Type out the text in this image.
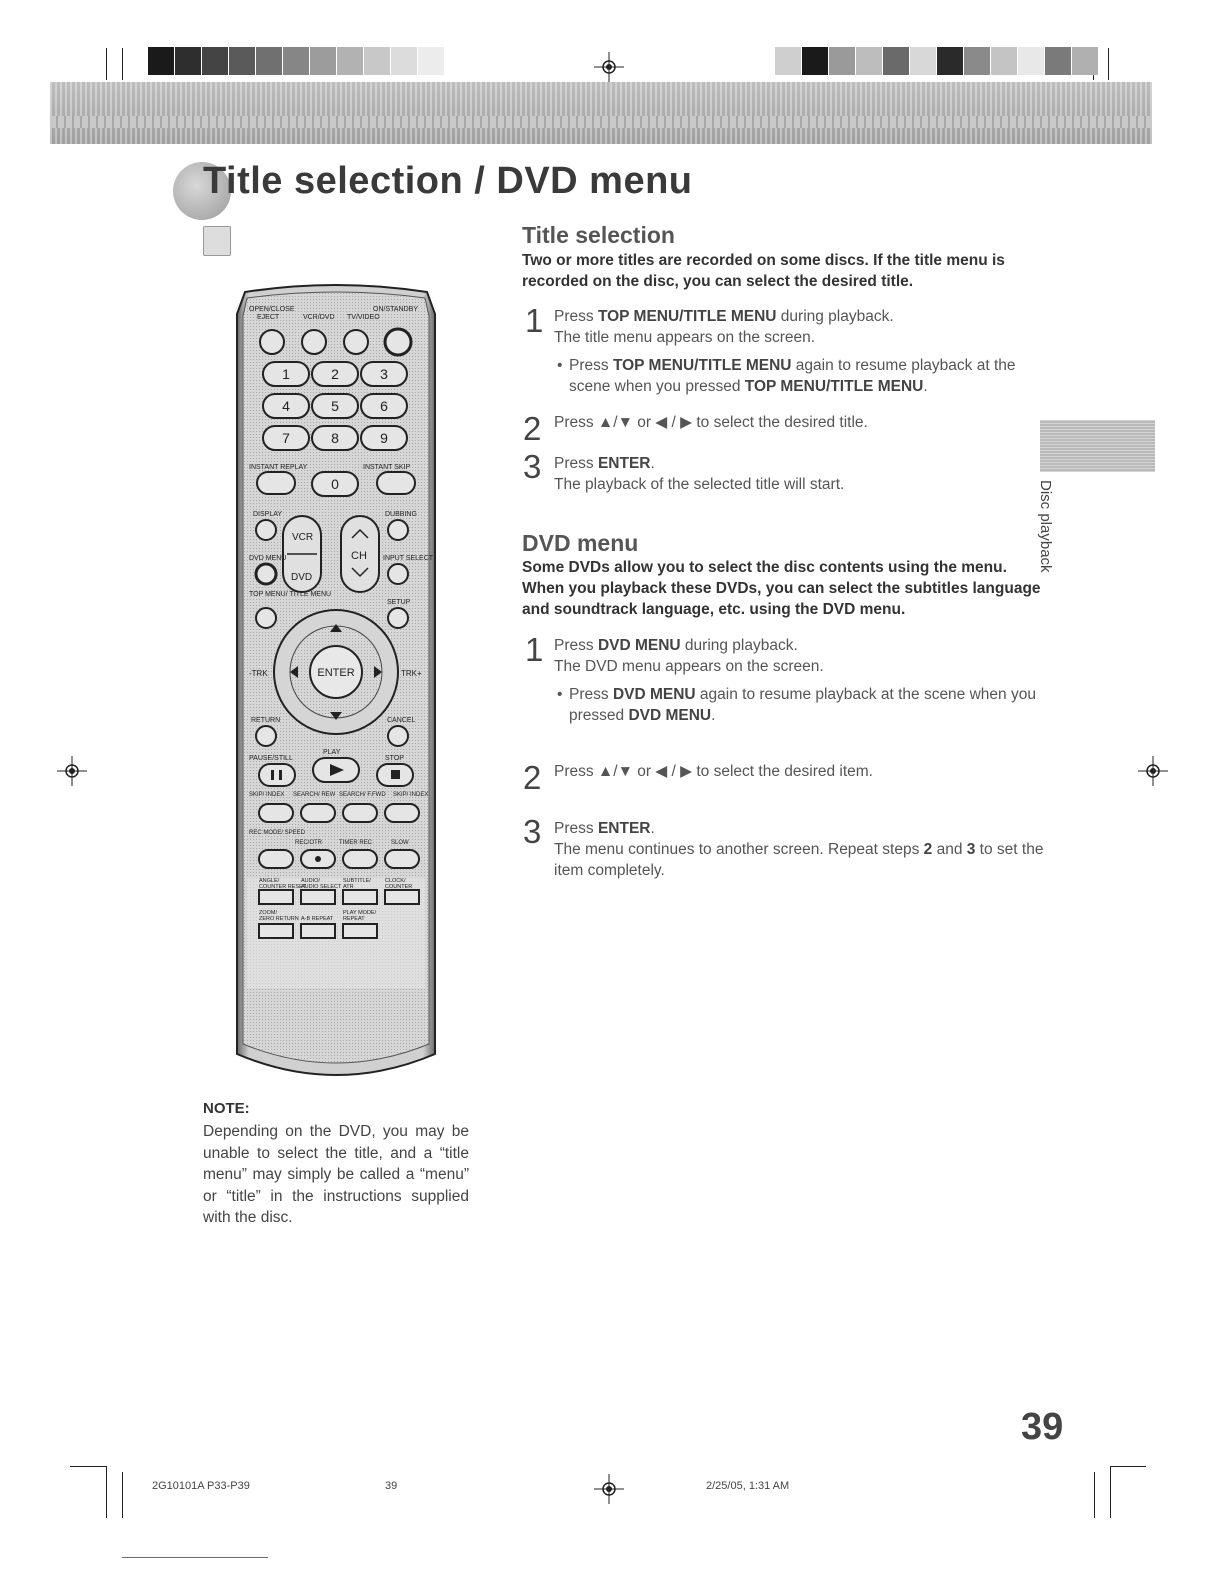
Title selection / DVD menu
OPEN/CLOSE
EJECT	VCR/DVD TV/VIDEO
ON/STANDBY
1	2	3
4	5	6
7	8	9
0
INSTANT REPLAY	INSTANT SKIP
DISPLAY	DUBBING
VCR
DVD
CH
DVD MENU	INPUT SELECT
TOP MENU/ TITLE MENU
SETUP
ENTER
-TRK	TRK+
RETURN	CANCEL
PAUSE/STILL
PLAY
STOP
SKIP/ INDEX SEARCH/ REW SEARCH/ F.FWD SKIP/ INDEX
REC MODE/ SPEED
REC/OTR	TIMER REC	SLOW
ANGLE/	AUDIO/	SUBTITLE/	CLOCK/
COUNTER RESET
AUDIO SELECT ATR	COUNTER
ZOOM/	PLAY MODE/
ZERO RETURN A-B REPEAT REPEAT
NOTE:
Depending on the DVD, you may be unable to select the title, and a “title menu” may simply be called a “menu” or “title” in the instructions supplied with the disc.
Title selection
Two or more titles are recorded on some discs. If the title menu is recorded on the disc, you can select the desired title.
1 Press TOP MENU/TITLE MENU during playback.
The title menu appears on the screen.
• Press TOP MENU/TITLE MENU again to resume playback at the scene when you pressed TOP MENU/TITLE MENU.
2 Press ▲/▼ or ◀ / ▶ to select the desired title.
3 Press ENTER.
The playback of the selected title will start.
DVD menu
Some DVDs allow you to select the disc contents using the menu. When you playback these DVDs, you can select the subtitles language and soundtrack language, etc. using the DVD menu.
1 Press DVD MENU during playback.
The DVD menu appears on the screen.
• Press DVD MENU again to resume playback at the scene when you pressed DVD MENU.
2 Press ▲/▼ or ◀ / ▶ to select the desired item.
3 Press ENTER.
The menu continues to another screen. Repeat steps 2 and 3 to set the item completely.
Disc playback
39
2G10101A P33-P39	39	2/25/05, 1:31 AM
